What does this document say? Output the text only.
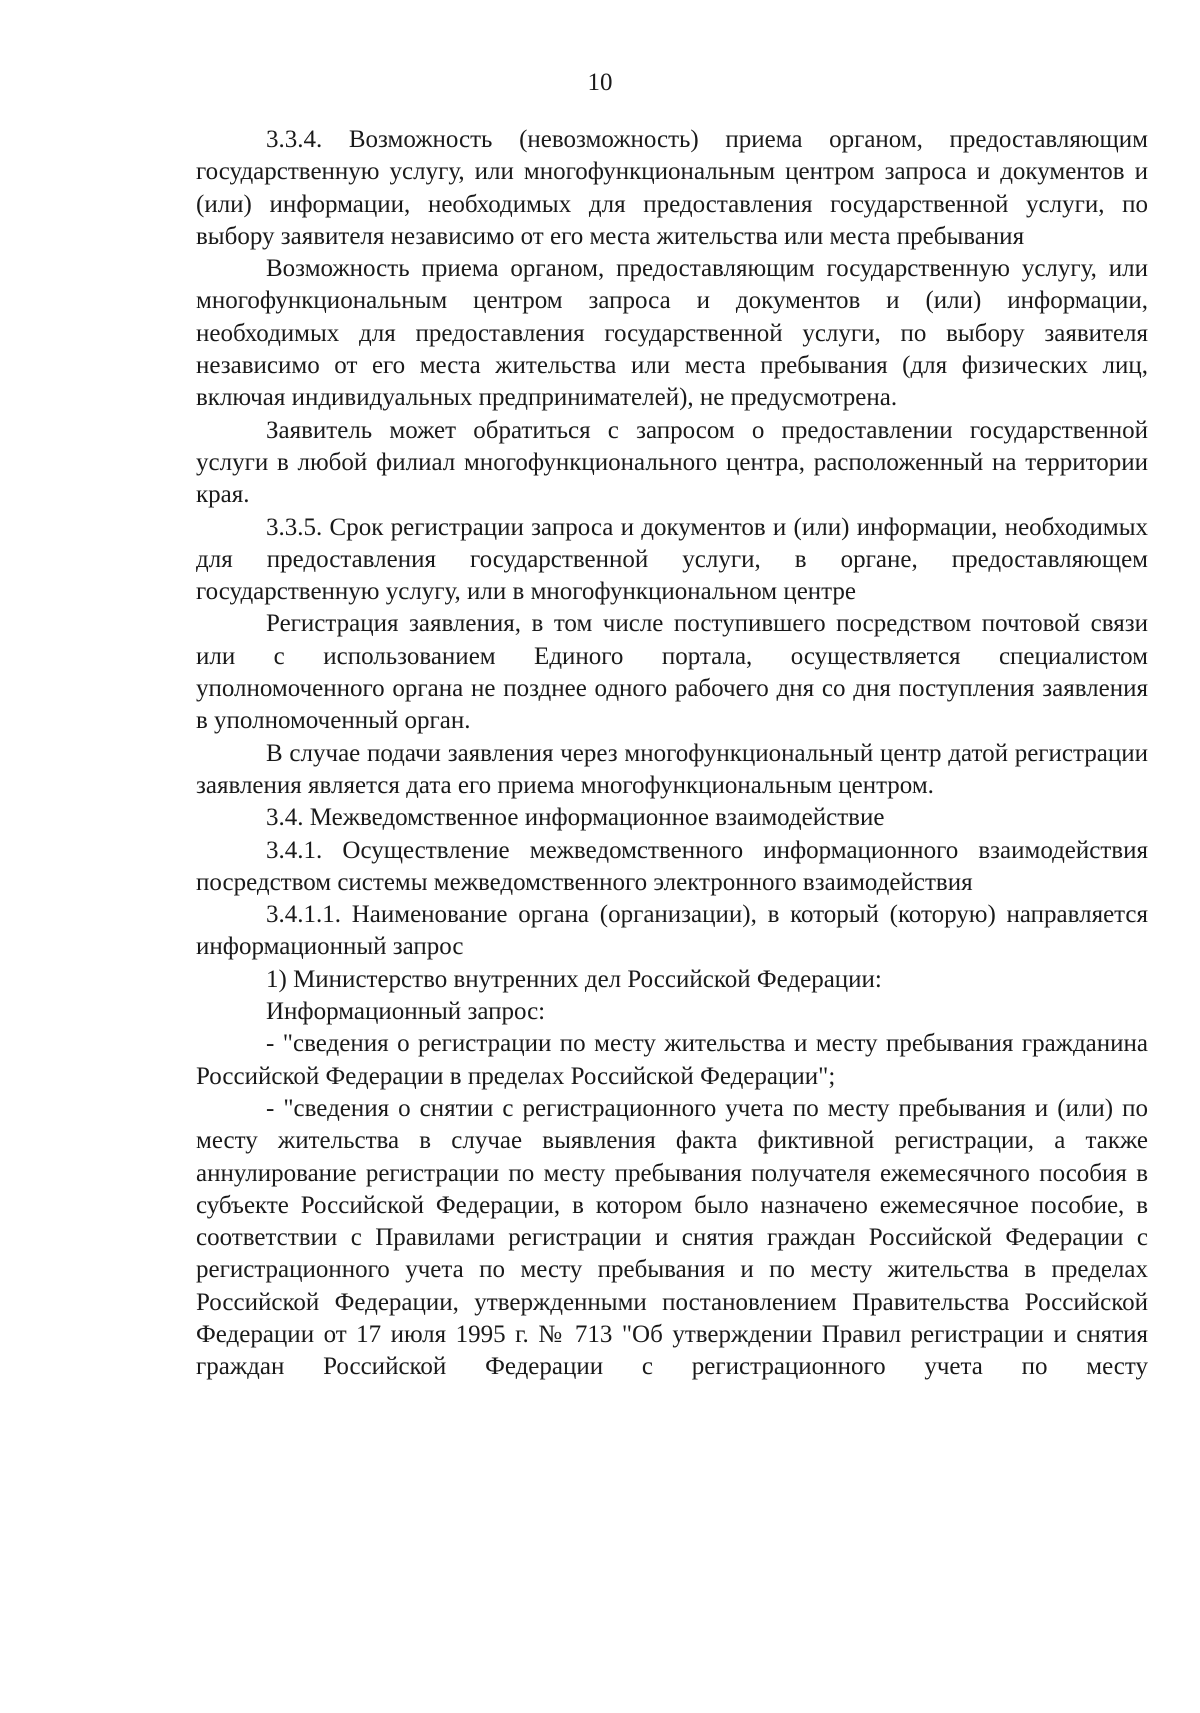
10

3.3.4. Возможность (невозможность) приема органом, предоставляющим государственную услугу, или многофункциональным центром запроса и документов и (или) информации, необходимых для предоставления государственной услуги, по выбору заявителя независимо от его места жительства или места пребывания

Возможность приема органом, предоставляющим государственную услугу, или многофункциональным центром запроса и документов и (или) информации, необходимых для предоставления государственной услуги, по выбору заявителя независимо от его места жительства или места пребывания (для физических лиц, включая индивидуальных предпринимателей), не предусмотрена.

Заявитель может обратиться с запросом о предоставлении государственной услуги в любой филиал многофункционального центра, расположенный на территории края.

3.3.5. Срок регистрации запроса и документов и (или) информации, необходимых для предоставления государственной услуги, в органе, предоставляющем государственную услугу, или в многофункциональном центре

Регистрация заявления, в том числе поступившего посредством почтовой связи или с использованием Единого портала, осуществляется специалистом уполномоченного органа не позднее одного рабочего дня со дня поступления заявления в уполномоченный орган.

В случае подачи заявления через многофункциональный центр датой регистрации заявления является дата его приема многофункциональным центром.

3.4. Межведомственное информационное взаимодействие

3.4.1. Осуществление межведомственного информационного взаимодействия посредством системы межведомственного электронного взаимодействия

3.4.1.1. Наименование органа (организации), в который (которую) направляется информационный запрос

1) Министерство внутренних дел Российской Федерации:

Информационный запрос:

- "сведения о регистрации по месту жительства и месту пребывания гражданина Российской Федерации в пределах Российской Федерации";

- "сведения о снятии с регистрационного учета по месту пребывания и (или) по месту жительства в случае выявления факта фиктивной регистрации, а также аннулирование регистрации по месту пребывания получателя ежемесячного пособия в субъекте Российской Федерации, в котором было назначено ежемесячное пособие, в соответствии с Правилами регистрации и снятия граждан Российской Федерации с регистрационного учета по месту пребывания и по месту жительства в пределах Российской Федерации, утвержденными постановлением Правительства Российской Федерации от 17 июля 1995 г. № 713 "Об утверждении Правил регистрации и снятия граждан Российской Федерации с регистрационного учета по месту
